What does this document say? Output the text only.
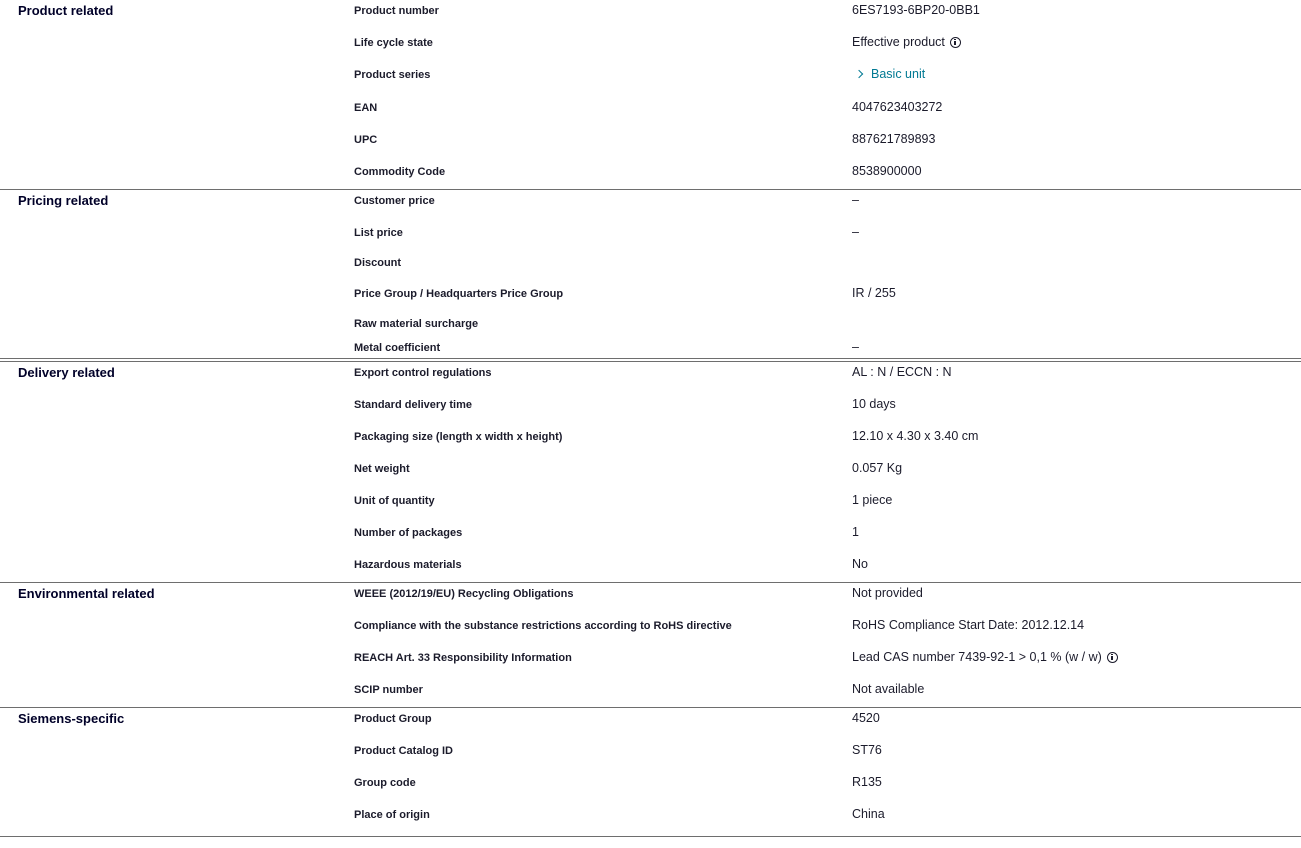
Product related	Product number	6ES7193-6BP20-0BB1
Life cycle state	Effective product
Product series	Basic unit
EAN	4047623403272
UPC	887621789893
Commodity Code	8538900000
Pricing related	Customer price	–
List price	–
Discount
Price Group / Headquarters Price Group	IR / 255
Raw material surcharge
Metal coefficient	–
Delivery related	Export control regulations	AL : N / ECCN : N
Standard delivery time	10 days
Packaging size (length x width x height)	12.10 x 4.30 x 3.40 cm
Net weight	0.057 Kg
Unit of quantity	1 piece
Number of packages	1
Hazardous materials	No
Environmental related	WEEE (2012/19/EU) Recycling Obligations	Not provided
Compliance with the substance restrictions according to RoHS directive	RoHS Compliance Start Date: 2012.12.14
REACH Art. 33 Responsibility Information	Lead CAS number 7439-92-1 > 0,1 % (w / w)
SCIP number	Not available
Siemens-specific	Product Group	4520
Product Catalog ID	ST76
Group code	R135
Place of origin	China
